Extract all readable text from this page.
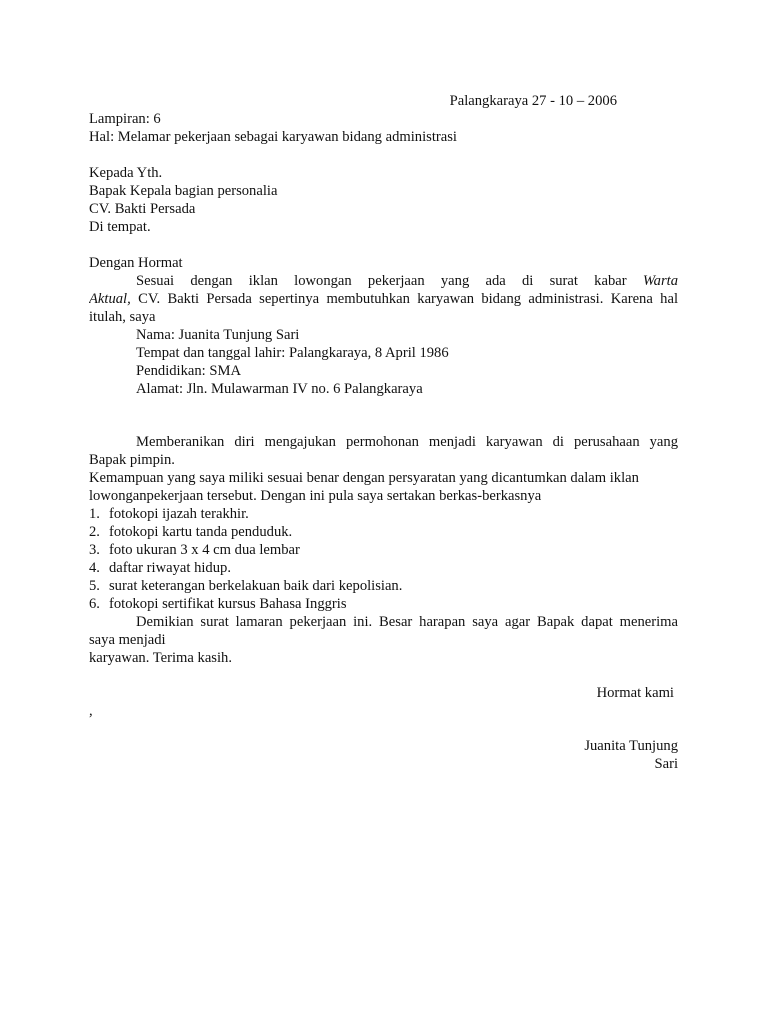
Palangkaraya 27 - 10 – 2006
Lampiran: 6
Hal: Melamar pekerjaan sebagai karyawan bidang administrasi
Kepada Yth.
Bapak Kepala bagian personalia
CV. Bakti Persada
Di tempat.
Dengan Hormat
Sesuai dengan iklan lowongan pekerjaan yang ada di surat kabar Warta
Aktual, CV. Bakti Persada sepertinya membutuhkan karyawan bidang administrasi. Karena hal
itulah, saya
Nama: Juanita Tunjung Sari
Tempat dan tanggal lahir: Palangkaraya, 8 April 1986
Pendidikan: SMA
Alamat: Jln. Mulawarman IV no. 6 Palangkaraya
Memberanikan diri mengajukan permohonan menjadi karyawan di perusahaan yang
Bapak pimpin.
Kemampuan yang saya miliki sesuai benar dengan persyaratan yang dicantumkan dalam iklan
lowonganpekerjaan tersebut. Dengan ini pula saya sertakan berkas-berkasnya
1. fotokopi ijazah terakhir.
2. fotokopi kartu tanda penduduk.
3. foto ukuran 3 x 4 cm dua lembar
4. daftar riwayat hidup.
5. surat keterangan berkelakuan baik dari kepolisian.
6. fotokopi sertifikat kursus Bahasa Inggris
Demikian surat lamaran pekerjaan ini. Besar harapan saya agar Bapak dapat menerima
saya menjadi
karyawan. Terima kasih.
Hormat kami
,
Juanita Tunjung
Sari
